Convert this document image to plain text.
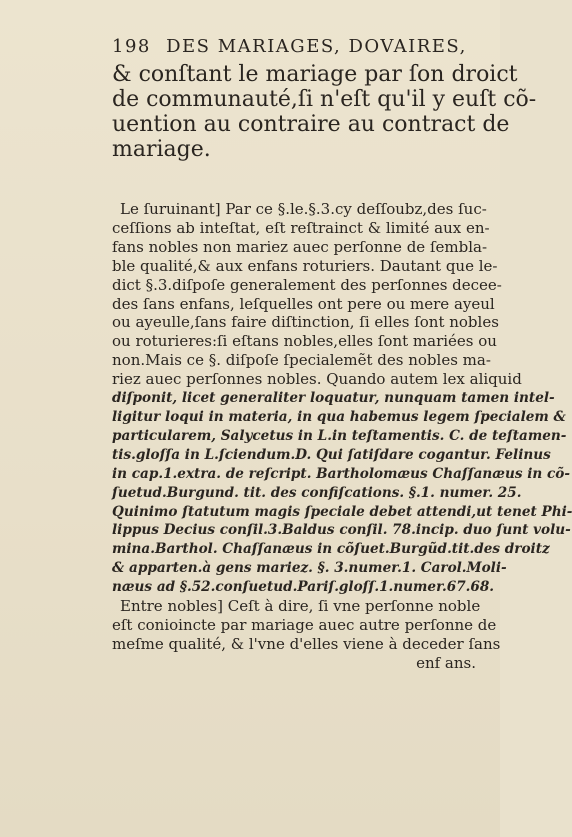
198 DES MARIAGES, DOVAIRES,
& conſtant le mariage par ſon droict
de communauté,ſi n'eſt qu'il y euſt cõ-
uention au contraire au contract de
mariage.
Le ſuruinant] Par ce §.le.§.3.cy deſſoubz,des ſuc-
ceſſions ab inteſtat, eſt reſtrainct & limité aux en-
fans nobles non mariez auec perſonne de ſembla-
ble qualité,& aux enfans roturiers. Dautant que le-
dict §.3.diſpoſe generalement des perſonnes decee-
des ſans enfans, leſquelles ont pere ou mere ayeul
ou ayeulle,ſans faire diſtinction, ſi elles ſont nobles
ou roturieres:ſi eſtans nobles,elles ſont mariées ou
non.Mais ce §. diſpoſe ſpecialemẽt des nobles ma-
riez auec perſonnes nobles. Quando autem lex aliquid
diſponit, licet generaliter loquatur, nunquam tamen intel-
ligitur loqui in materia, in qua habemus legem ſpecialem &
particularem, Salycetus in L.in teſtamentis. C. de teſtamen-
tis.gloſſa in L.ſciendum.D. Qui ſatiſdare cogantur. Felinus
in cap.1.extra. de reſcript. Bartholomæus Chaſſanæus in cõ-
ſuetud.Burgund. tit. des confiſcations. §.1. numer. 25.
Quinimo ſtatutum magis ſpeciale debet attendi,ut tenet Phi-
lippus Decius conſil.3.Baldus conſil. 78.incip. duo ſunt volu-
mina.Barthol. Chaſſanæus in cõſuet.Burgũd.tit.des droitz
& apparten.à gens mariez. §. 3.numer.1. Carol.Moli-
næus ad §.52.conſuetud.Pariſ.gloſſ.1.numer.67.68.
Entre nobles] Ceſt à dire, ſi vne perſonne noble
eſt conioincte par mariage auec autre perſonne de
meſme qualité, & l'vne d'elles viene à deceder ſans
enf ans.
